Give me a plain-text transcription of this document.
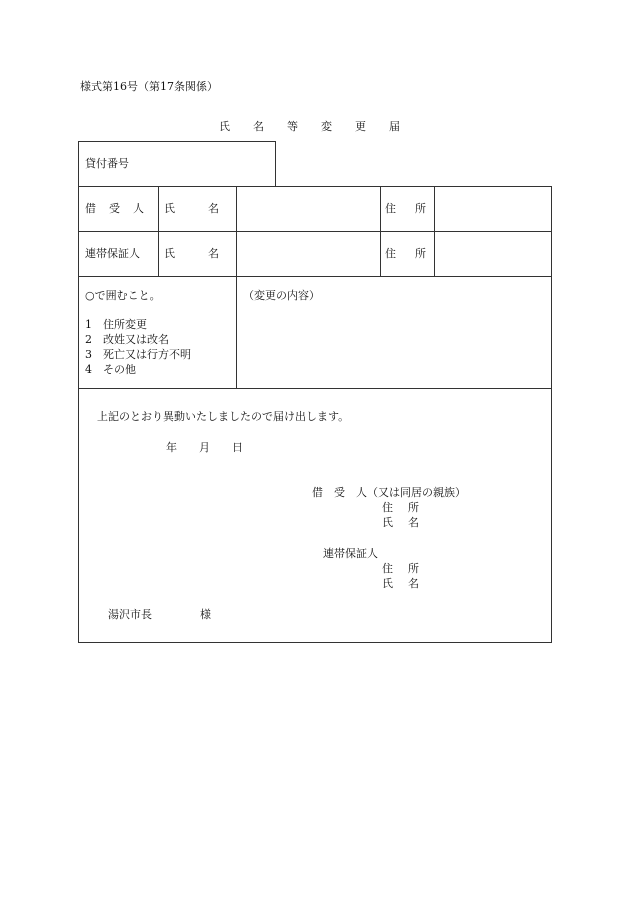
様式第16号（第17条関係）
氏　名　等　変　更　届
貸付番号
借　受　人 氏　　　名	住　所
連帯保証人 氏　　　名	住　所
○で囲むこと。
1　住所変更
2　改姓又は改名
3　死亡又は行方不明
4　その他
（変更の内容）
上記のとおり異動いたしましたので届け出します。
年　　月　　日
借　受　人（又は同居の親族）
住　所
氏　名
連帯保証人
住　所
氏　名
湯沢市長	様
